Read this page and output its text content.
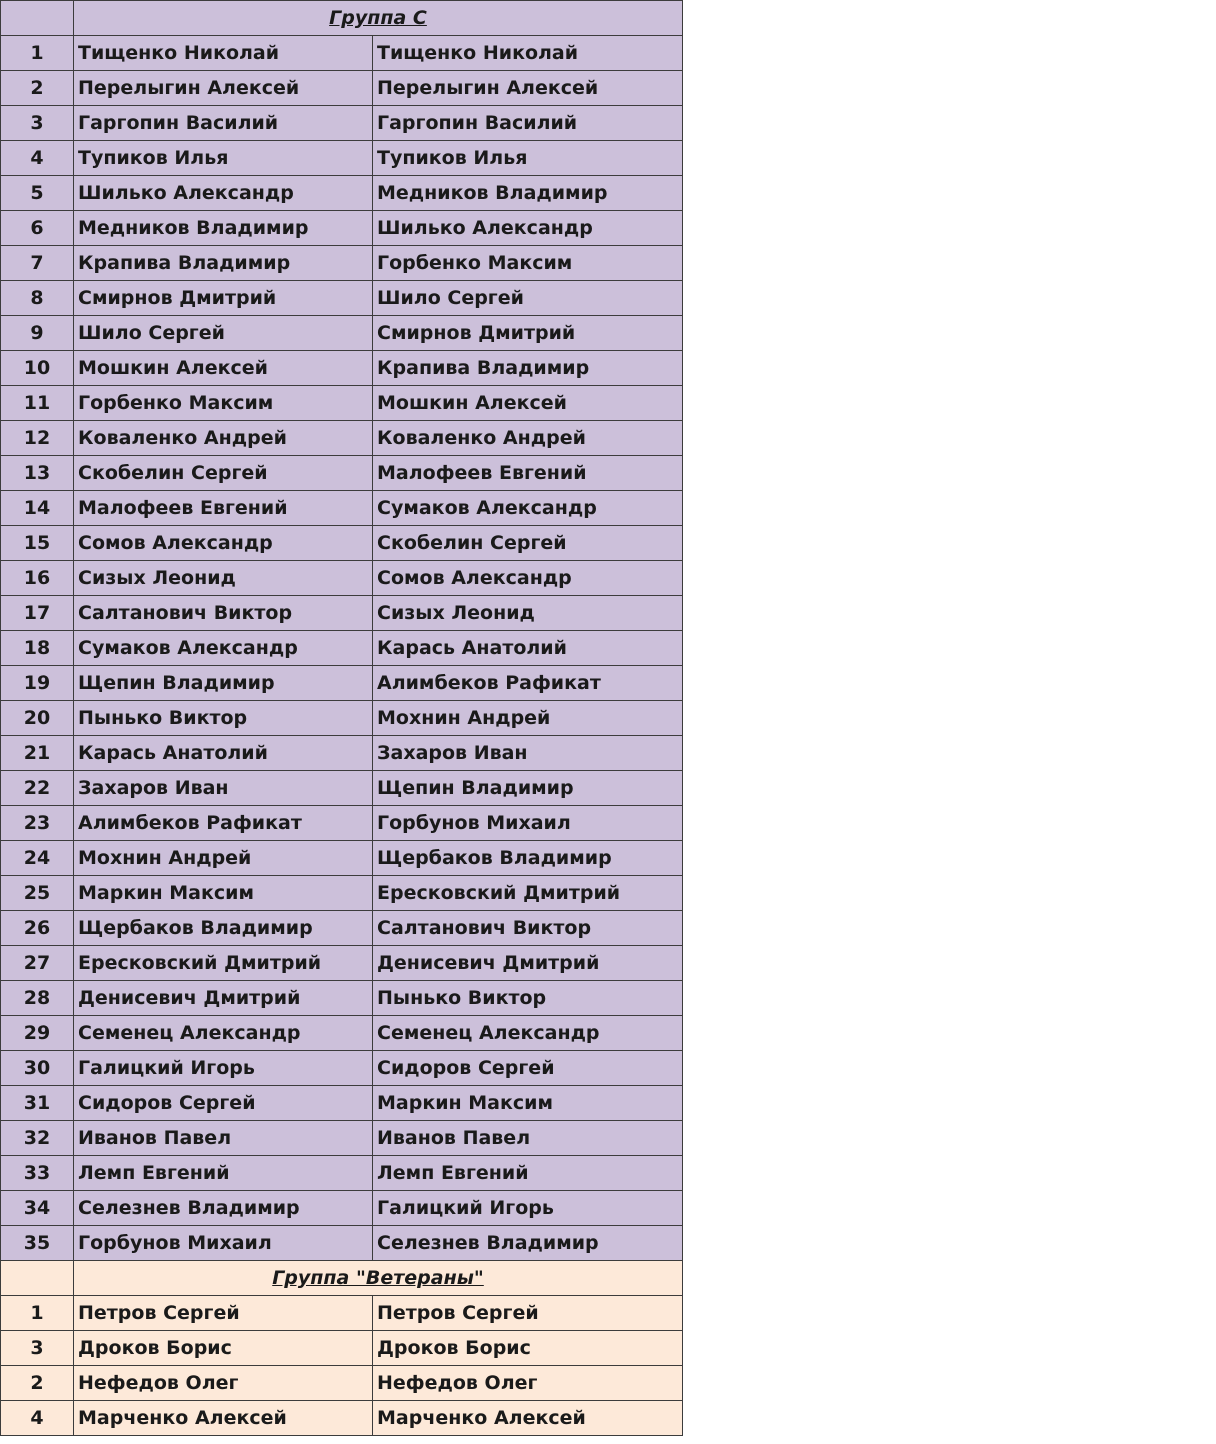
	Группа С	
1	Тищенко Николай	Тищенко Николай
2	Перелыгин Алексей	Перелыгин Алексей
3	Гаргопин Василий	Гаргопин Василий
4	Тупиков Илья	Тупиков Илья
5	Шилько Александр	Медников Владимир
6	Медников Владимир	Шилько Александр
7	Крапива Владимир	Горбенко Максим
8	Смирнов Дмитрий	Шило Сергей
9	Шило Сергей	Смирнов Дмитрий
10	Мошкин Алексей	Крапива Владимир
11	Горбенко Максим	Мошкин Алексей
12	Коваленко Андрей	Коваленко Андрей
13	Скобелин Сергей	Малофеев Евгений
14	Малофеев Евгений	Сумаков Александр
15	Сомов Александр	Скобелин Сергей
16	Сизых Леонид	Сомов Александр
17	Салтанович Виктор	Сизых Леонид
18	Сумаков Александр	Карась Анатолий
19	Щепин Владимир	Алимбеков Рафикат
20	Пынько Виктор	Мохнин Андрей
21	Карась Анатолий	Захаров Иван
22	Захаров Иван	Щепин Владимир
23	Алимбеков Рафикат	Горбунов Михаил
24	Мохнин Андрей	Щербаков Владимир
25	Маркин Максим	Ересковский Дмитрий
26	Щербаков Владимир	Салтанович Виктор
27	Ересковский Дмитрий	Денисевич Дмитрий
28	Денисевич Дмитрий	Пынько Виктор
29	Семенец Александр	Семенец Александр
30	Галицкий Игорь	Сидоров Сергей
31	Сидоров Сергей	Маркин Максим
32	Иванов Павел	Иванов Павел
33	Лемп Евгений	Лемп Евгений
34	Селезнев Владимир	Галицкий Игорь
35	Горбунов Михаил	Селезнев Владимир
	Группа "Ветераны"	
1	Петров Сергей	Петров Сергей
3	Дроков Борис	Дроков Борис
2	Нефедов Олег	Нефедов Олег
4	Марченко Алексей	Марченко Алексей
